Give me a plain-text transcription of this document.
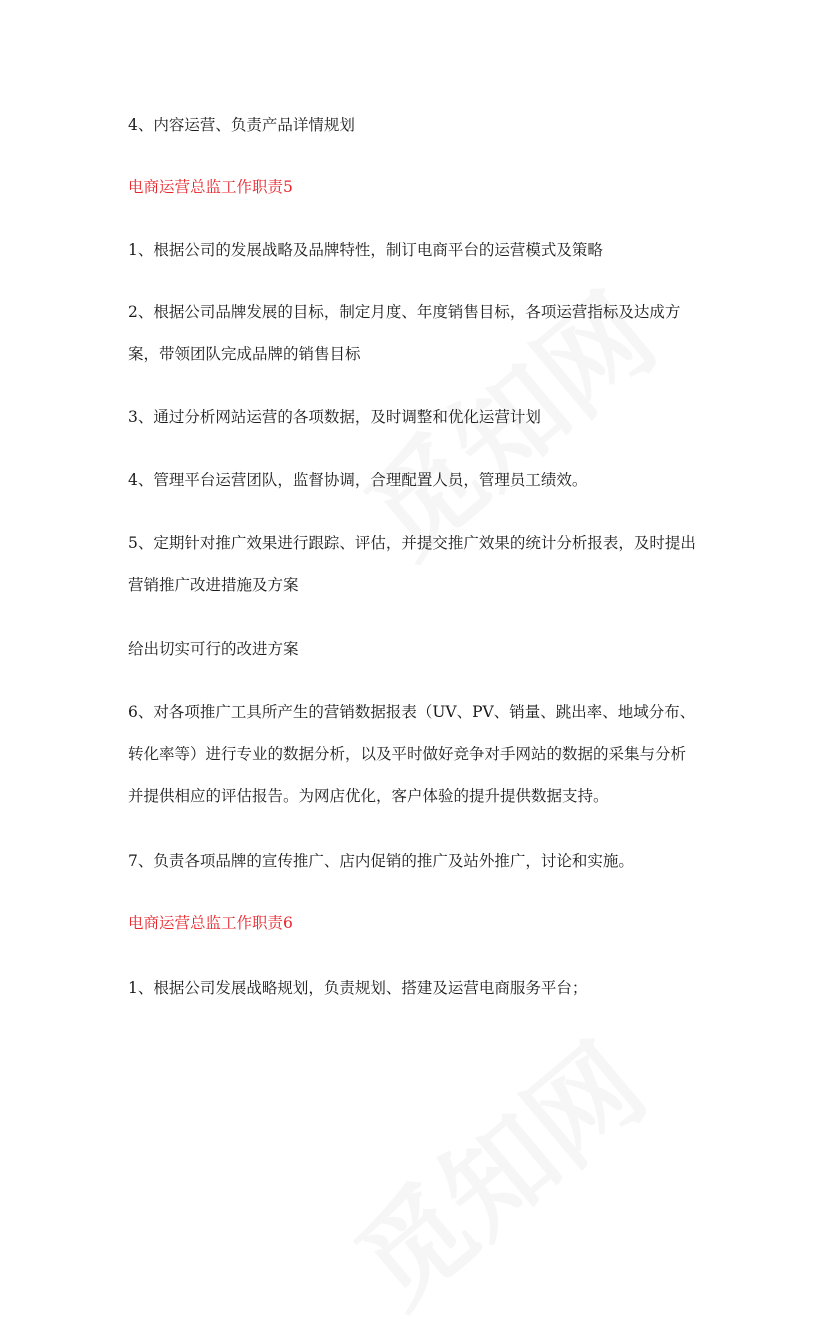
4、内容运营、负责产品详情规划

电商运营总监工作职责5

1、根据公司的发展战略及品牌特性，制订电商平台的运营模式及策略

2、根据公司品牌发展的目标，制定月度、年度销售目标，各项运营指标及达成方案，带领团队完成品牌的销售目标

3、通过分析网站运营的各项数据，及时调整和优化运营计划

4、管理平台运营团队，监督协调，合理配置人员，管理员工绩效。

5、定期针对推广效果进行跟踪、评估，并提交推广效果的统计分析报表，及时提出营销推广改进措施及方案

给出切实可行的改进方案

6、对各项推广工具所产生的营销数据报表（UV、PV、销量、跳出率、地域分布、转化率等）进行专业的数据分析，以及平时做好竞争对手网站的数据的采集与分析并提供相应的评估报告。为网店优化，客户体验的提升提供数据支持。

7、负责各项品牌的宣传推广、店内促销的推广及站外推广，讨论和实施。

电商运营总监工作职责6

1、根据公司发展战略规划，负责规划、搭建及运营电商服务平台；
